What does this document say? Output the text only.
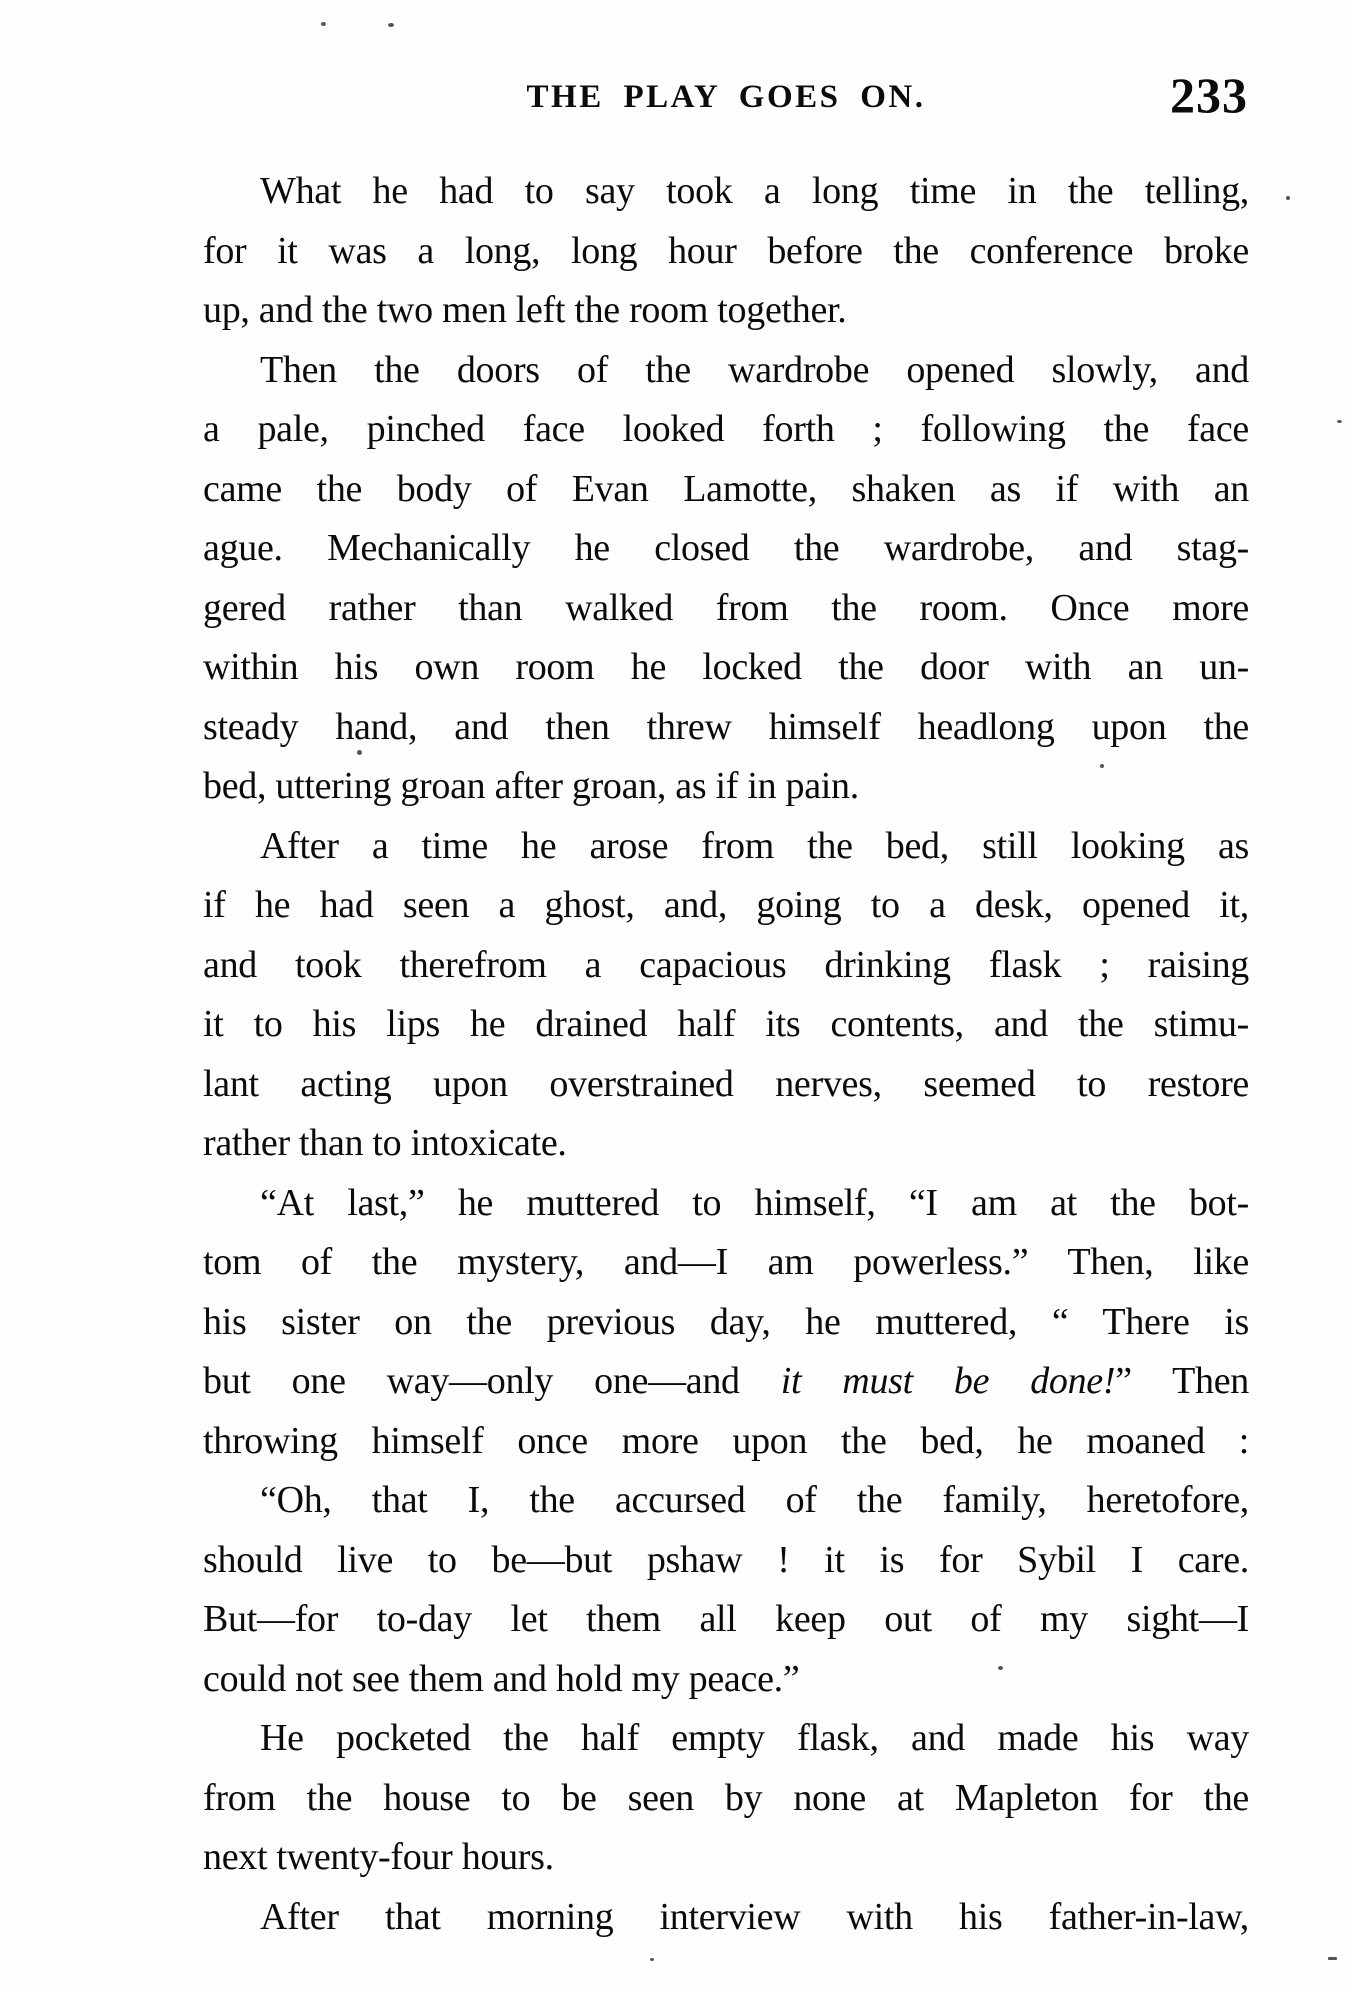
THE PLAY GOES ON.	233
What he had to say took a long time in the telling,
for it was a long, long hour before the conference broke
up, and the two men left the room together.
Then the doors of the wardrobe opened slowly, and
a pale, pinched face looked forth ; following the face
came the body of Evan Lamotte, shaken as if with an
ague. Mechanically he closed the wardrobe, and stag-
gered rather than walked from the room. Once more
within his own room he locked the door with an un-
steady hand, and then threw himself headlong upon the
bed, uttering groan after groan, as if in pain.
After a time he arose from the bed, still looking as
if he had seen a ghost, and, going to a desk, opened it,
and took therefrom a capacious drinking flask ; raising
it to his lips he drained half its contents, and the stimu-
lant acting upon overstrained nerves, seemed to restore
rather than to intoxicate.
“At last,” he muttered to himself, “I am at the bot-
tom of the mystery, and—I am powerless.” Then, like
his sister on the previous day, he muttered, “ There is
but one way—only one—and it must be done!” Then
throwing himself once more upon the bed, he moaned :
“Oh, that I, the accursed of the family, heretofore,
should live to be—but pshaw ! it is for Sybil I care.
But—for to-day let them all keep out of my sight—I
could not see them and hold my peace.”
He pocketed the half empty flask, and made his way
from the house to be seen by none at Mapleton for the
next twenty-four hours.
After that morning interview with his father-in-law,
